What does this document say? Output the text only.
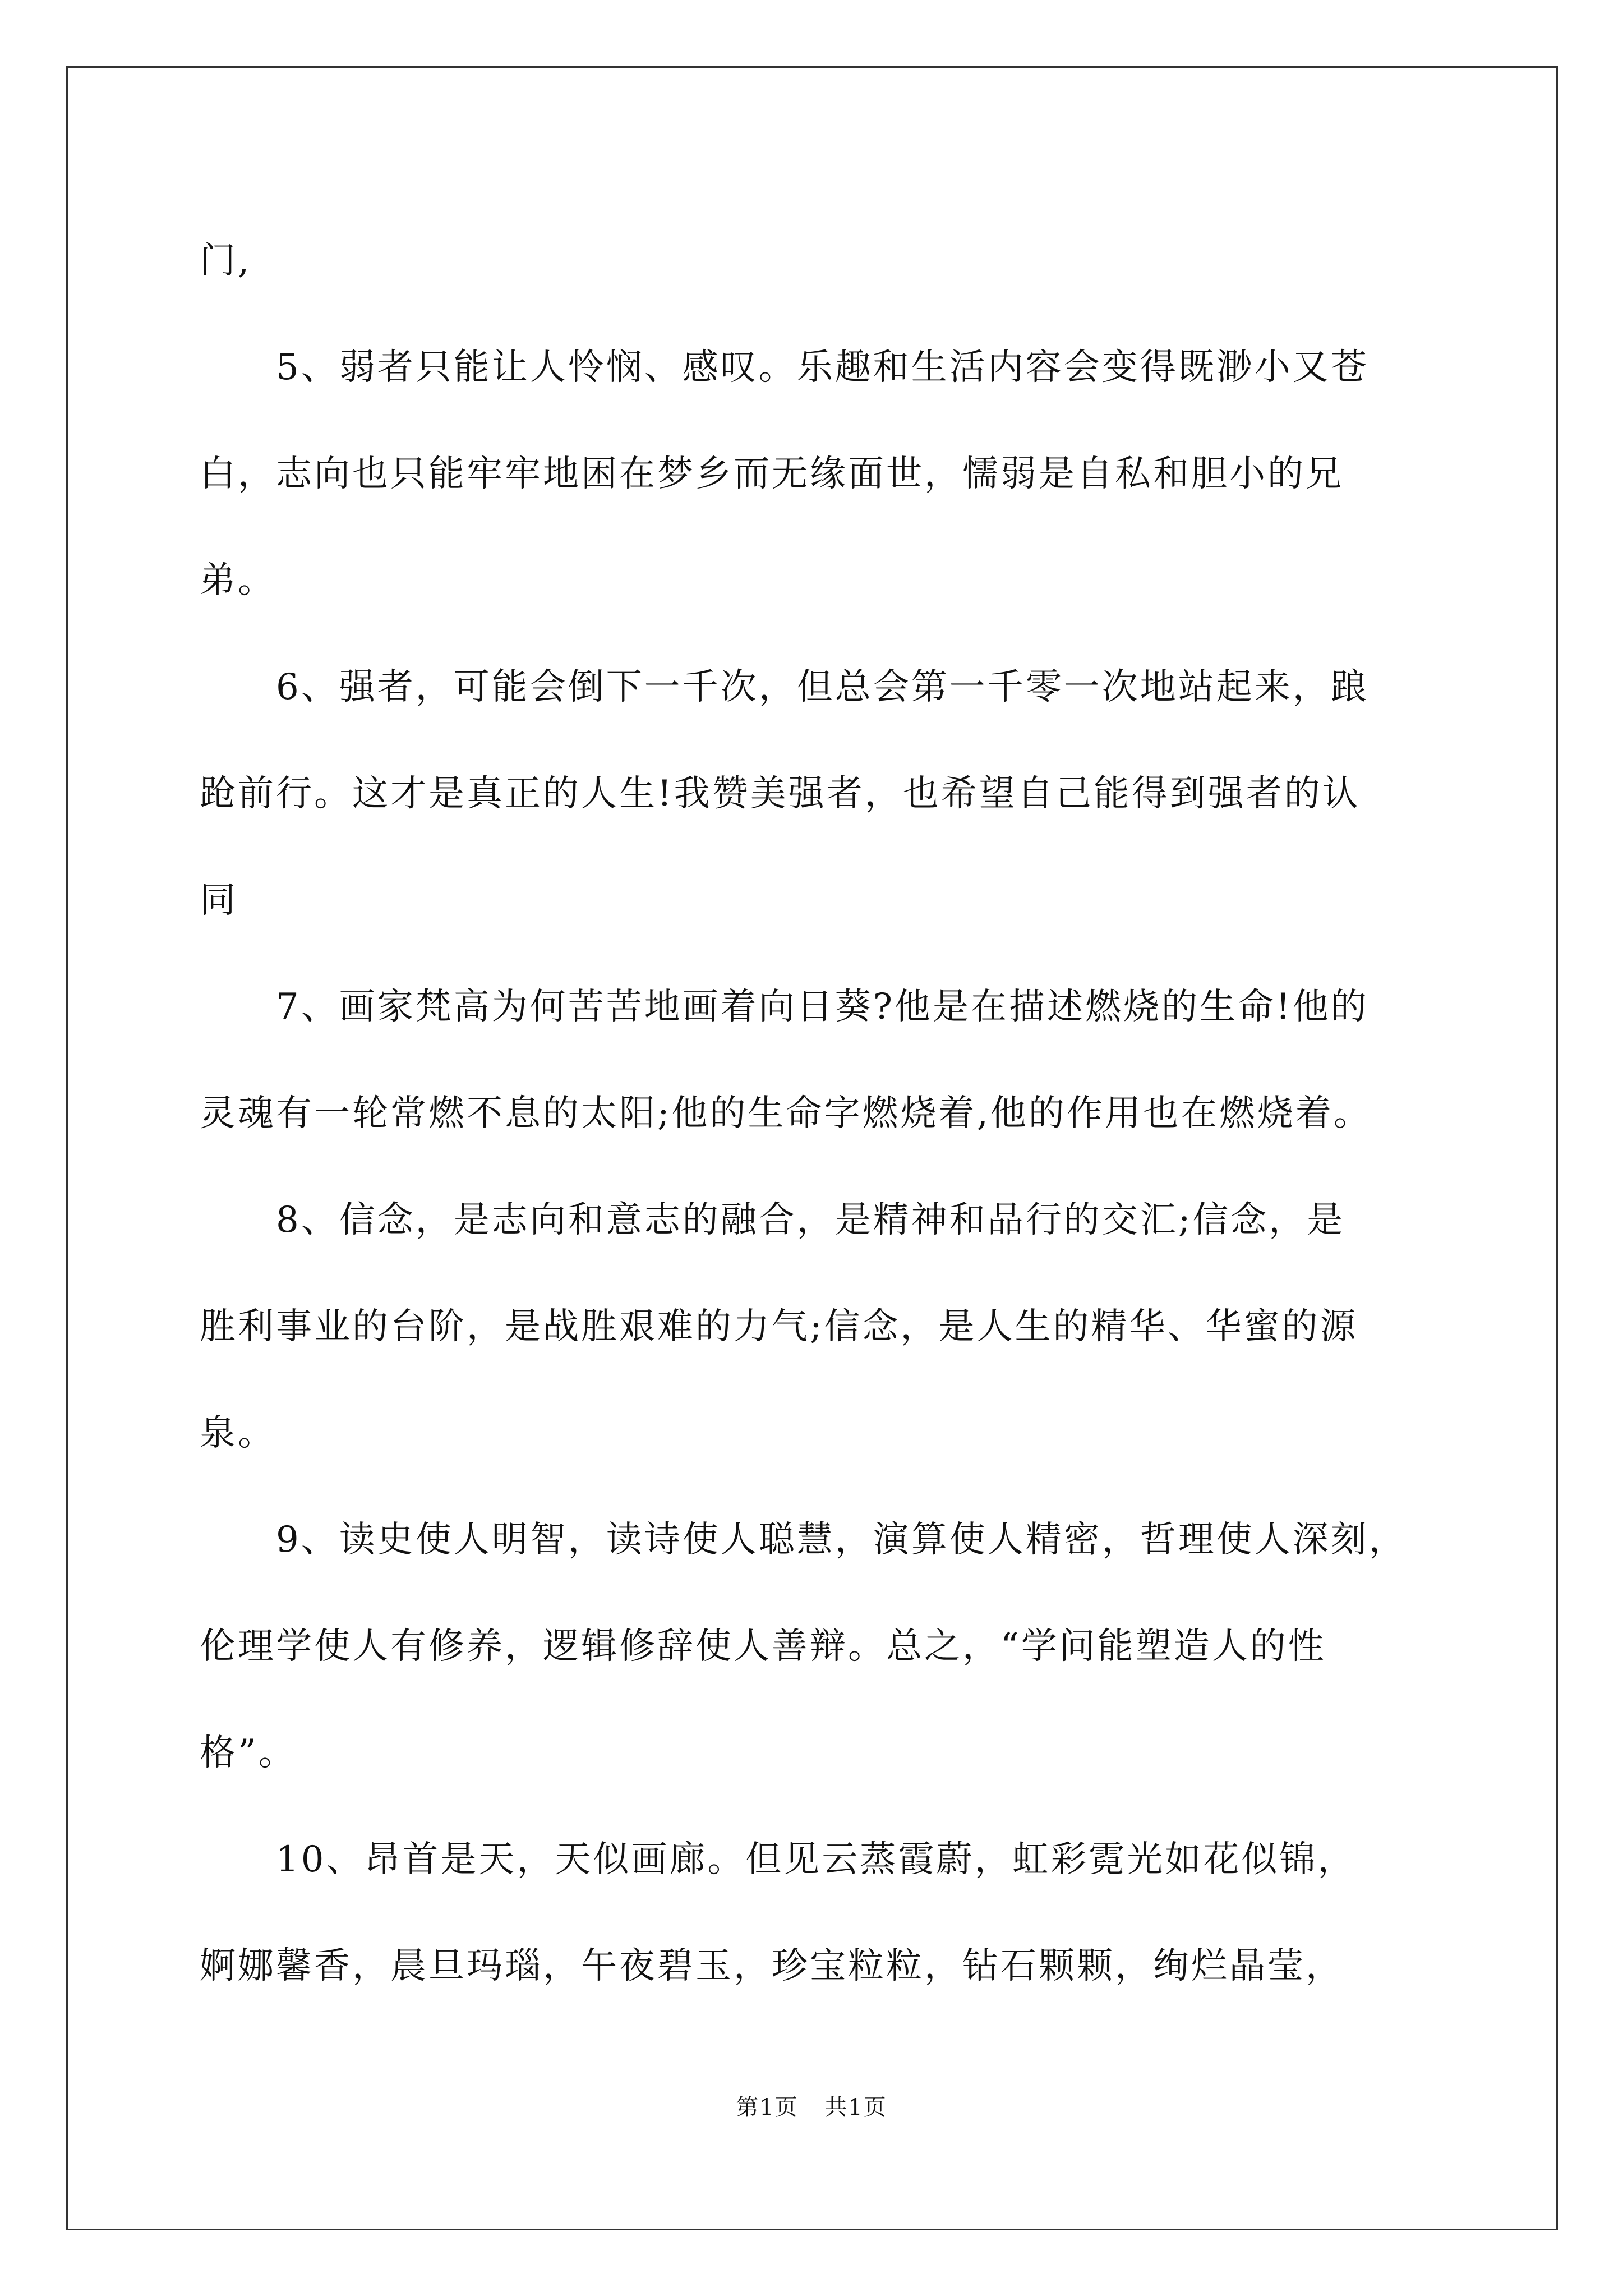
门,
5、弱者只能让人怜悯、感叹。乐趣和生活内容会变得既渺小又苍
白，志向也只能牢牢地困在梦乡而无缘面世，懦弱是自私和胆小的兄
弟。
6、强者，可能会倒下一千次，但总会第一千零一次地站起来，踉
跄前行。这才是真正的人生!我赞美强者，也希望自己能得到强者的认
同
7、画家梵高为何苦苦地画着向日葵?他是在描述燃烧的生命!他的
灵魂有一轮常燃不息的太阳;他的生命字燃烧着,他的作用也在燃烧着。
8、信念，是志向和意志的融合，是精神和品行的交汇;信念，是
胜利事业的台阶，是战胜艰难的力气;信念，是人生的精华、华蜜的源
泉。
9、读史使人明智，读诗使人聪慧，演算使人精密，哲理使人深刻，
伦理学使人有修养，逻辑修辞使人善辩。总之，“学问能塑造人的性
格”。
10、昂首是天，天似画廊。但见云蒸霞蔚，虹彩霓光如花似锦，
婀娜馨香，晨旦玛瑙，午夜碧玉，珍宝粒粒，钻石颗颗，绚烂晶莹，
第1页 共1页
